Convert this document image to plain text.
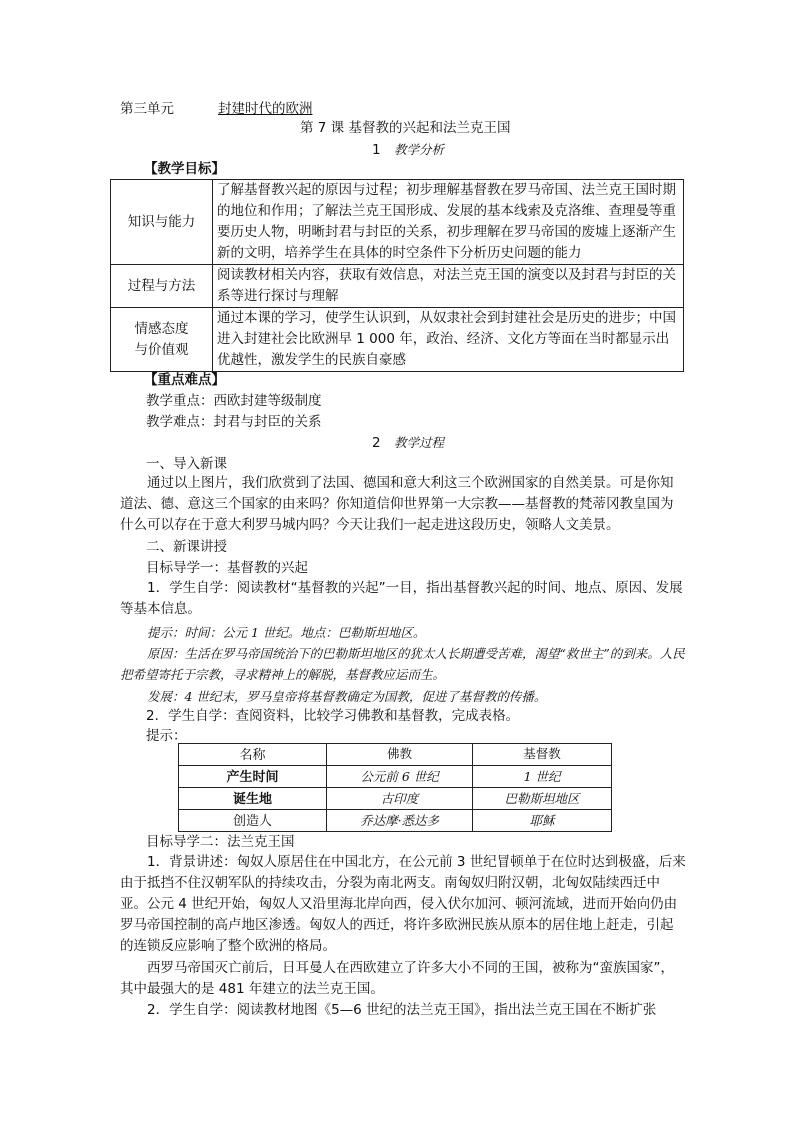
第三单元	封建时代的欧洲
第 7 课 基督教的兴起和法兰克王国
1 教学分析
【教学目标】
知识与能力	了解基督教兴起的原因与过程；初步理解基督教在罗马帝国、法兰克王国时期的地位和作用；了解法兰克王国形成、发展的基本线索及克洛维、查理曼等重要历史人物，明晰封君与封臣的关系，初步理解在罗马帝国的废墟上逐渐产生新的文明，培养学生在具体的时空条件下分析历史问题的能力
过程与方法	阅读教材相关内容，获取有效信息，对法兰克王国的演变以及封君与封臣的关系等进行探讨与理解
情感态度
与价值观	通过本课的学习，使学生认识到，从奴隶社会到封建社会是历史的进步；中国进入封建社会比欧洲早 1 000 年，政治、经济、文化方等面在当时都显示出优越性，激发学生的民族自豪感
【重点难点】
教学重点：西欧封建等级制度
教学难点：封君与封臣的关系
2 教学过程
一、导入新课
通过以上图片，我们欣赏到了法国、德国和意大利这三个欧洲国家的自然美景。可是你知道法、德、意这三个国家的由来吗？你知道信仰世界第一大宗教——基督教的梵蒂冈教皇国为什么可以存在于意大利罗马城内吗？今天让我们一起走进这段历史，领略人文美景。
二、新课讲授
目标导学一：基督教的兴起
1．学生自学：阅读教材“基督教的兴起”一目，指出基督教兴起的时间、地点、原因、发展等基本信息。
提示：时间：公元 1 世纪。地点：巴勒斯坦地区。
原因：生活在罗马帝国统治下的巴勒斯坦地区的犹太人长期遭受苦难，渴望“救世主”的到来。人民把希望寄托于宗教，寻求精神上的解脱，基督教应运而生。
发展：4 世纪末，罗马皇帝将基督教确定为国教，促进了基督教的传播。
2．学生自学：查阅资料，比较学习佛教和基督教，完成表格。
提示：
名称	佛教	基督教
产生时间	公元前 6 世纪	1 世纪
诞生地	古印度	巴勒斯坦地区
创造人	乔达摩·悉达多	耶稣
目标导学二：法兰克王国
1．背景讲述：匈奴人原居住在中国北方，在公元前 3 世纪冒顿单于在位时达到极盛，后来由于抵挡不住汉朝军队的持续攻击，分裂为南北两支。南匈奴归附汉朝，北匈奴陆续西迁中亚。公元 4 世纪开始，匈奴人又沿里海北岸向西，侵入伏尔加河、顿河流域，进而开始向仍由罗马帝国控制的高卢地区渗透。匈奴人的西迁，将许多欧洲民族从原本的居住地上赶走，引起的连锁反应影响了整个欧洲的格局。
西罗马帝国灭亡前后，日耳曼人在西欧建立了许多大小不同的王国，被称为“蛮族国家”，其中最强大的是 481 年建立的法兰克王国。
2．学生自学：阅读教材地图《5—6 世纪的法兰克王国》，指出法兰克王国在不断扩张
